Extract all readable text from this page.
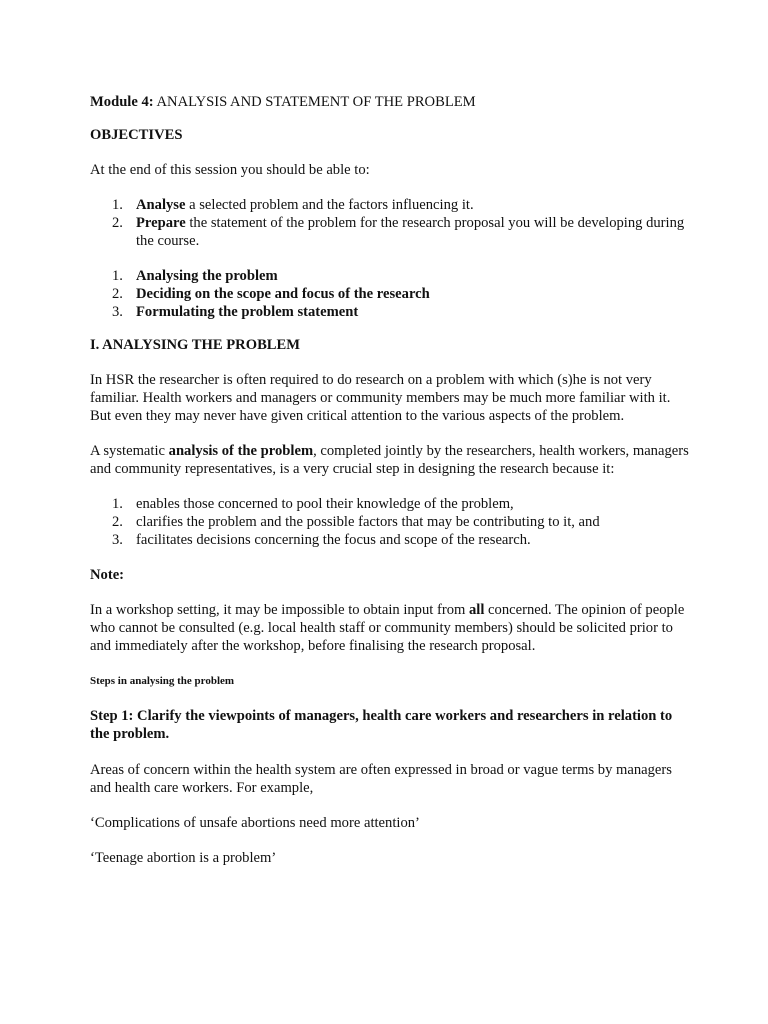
Module 4: ANALYSIS AND STATEMENT OF THE PROBLEM

OBJECTIVES

At the end of this session you should be able to:

1. Analyse a selected problem and the factors influencing it.
2. Prepare the statement of the problem for the research proposal you will be developing during the course.
1. Analysing the problem
2. Deciding on the scope and focus of the research
3. Formulating the problem statement

I. ANALYSING THE PROBLEM

In HSR the researcher is often required to do research on a problem with which (s)he is not very familiar. Health workers and managers or community members may be much more familiar with it. But even they may never have given critical attention to the various aspects of the problem.

A systematic analysis of the problem, completed jointly by the researchers, health workers, managers and community representatives, is a very crucial step in designing the research because it:

1. enables those concerned to pool their knowledge of the problem,
2. clarifies the problem and the possible factors that may be contributing to it, and
3. facilitates decisions concerning the focus and scope of the research.

Note:

In a workshop setting, it may be impossible to obtain input from all concerned. The opinion of people who cannot be consulted (e.g. local health staff or community members) should be solicited prior to and immediately after the workshop, before finalising the research proposal.

Steps in analysing the problem

Step 1: Clarify the viewpoints of managers, health care workers and researchers in relation to the problem.

Areas of concern within the health system are often expressed in broad or vague terms by managers and health care workers. For example,

‘Complications of unsafe abortions need more attention’

‘Teenage abortion is a problem’
